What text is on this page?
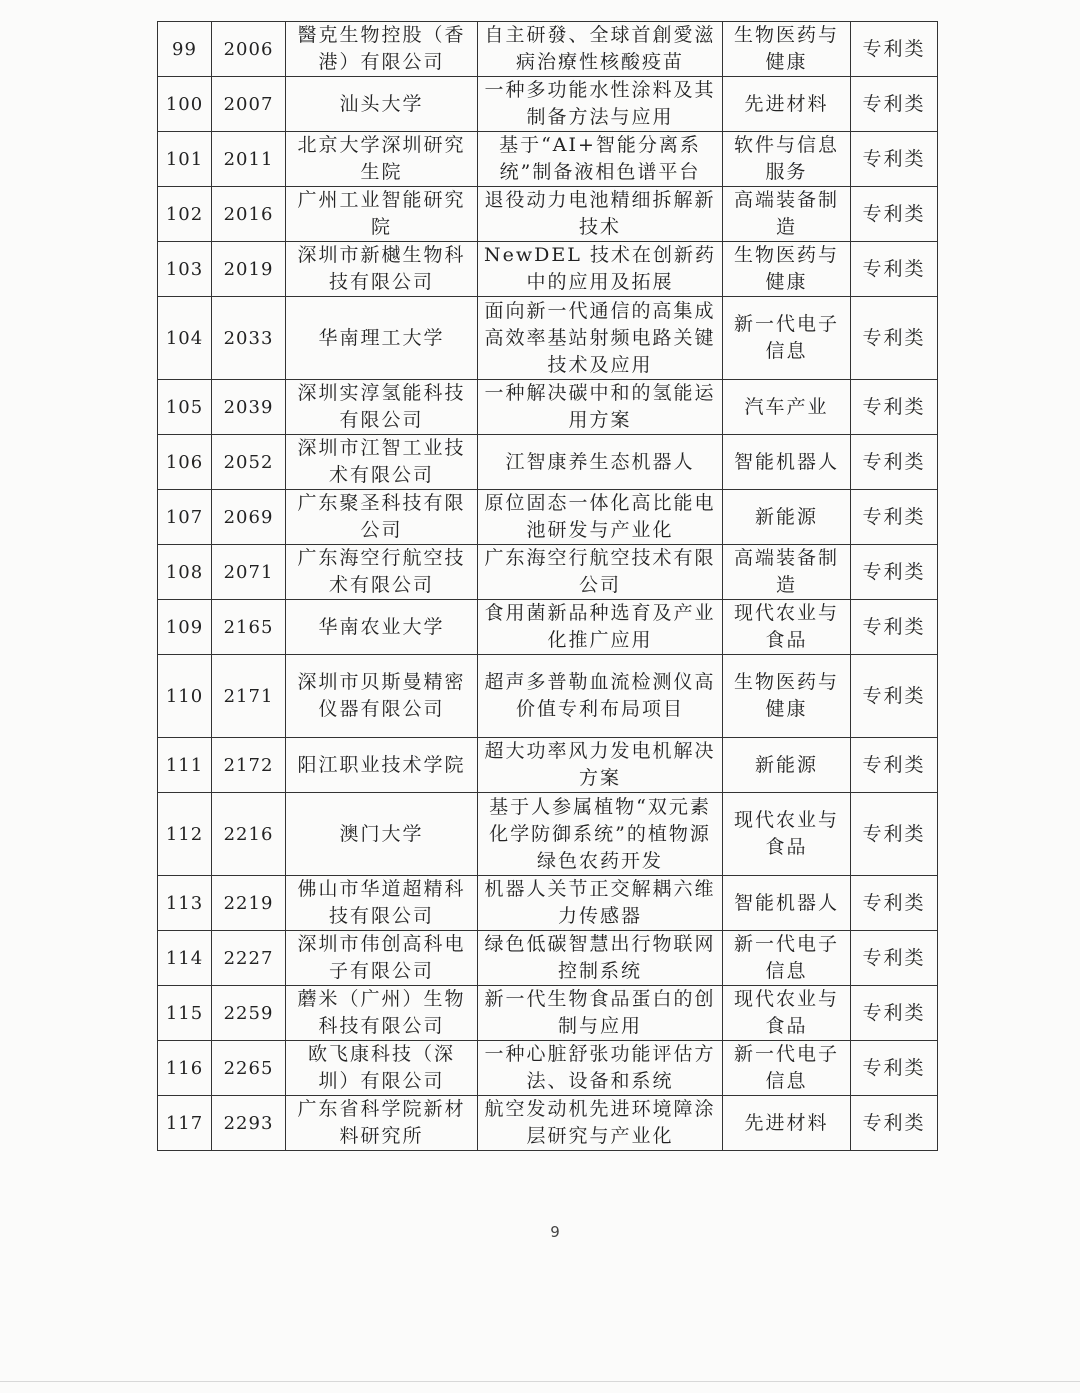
99	2006	醫克生物控股（香港）有限公司	自主研發、全球首創愛滋病治療性核酸疫苗	生物医药与健康	专利类
100	2007	汕头大学	一种多功能水性涂料及其制备方法与应用	先进材料	专利类
101	2011	北京大学深圳研究生院	基于“AI+智能分离系统”制备液相色谱平台	软件与信息服务	专利类
102	2016	广州工业智能研究院	退役动力电池精细拆解新技术	高端装备制造	专利类
103	2019	深圳市新樾生物科技有限公司	NewDEL 技术在创新药中的应用及拓展	生物医药与健康	专利类
104	2033	华南理工大学	面向新一代通信的高集成高效率基站射频电路关键技术及应用	新一代电子信息	专利类
105	2039	深圳实淳氢能科技有限公司	一种解决碳中和的氢能运用方案	汽车产业	专利类
106	2052	深圳市江智工业技术有限公司	江智康养生态机器人	智能机器人	专利类
107	2069	广东聚圣科技有限公司	原位固态一体化高比能电池研发与产业化	新能源	专利类
108	2071	广东海空行航空技术有限公司	广东海空行航空技术有限公司	高端装备制造	专利类
109	2165	华南农业大学	食用菌新品种选育及产业化推广应用	现代农业与食品	专利类
110	2171	深圳市贝斯曼精密仪器有限公司	超声多普勒血流检测仪高价值专利布局项目	生物医药与健康	专利类
111	2172	阳江职业技术学院	超大功率风力发电机解决方案	新能源	专利类
112	2216	澳门大学	基于人参属植物“双元素化学防御系统”的植物源绿色农药开发	现代农业与食品	专利类
113	2219	佛山市华道超精科技有限公司	机器人关节正交解耦六维力传感器	智能机器人	专利类
114	2227	深圳市伟创高科电子有限公司	绿色低碳智慧出行物联网控制系统	新一代电子信息	专利类
115	2259	蘑米（广州）生物科技有限公司	新一代生物食品蛋白的创制与应用	现代农业与食品	专利类
116	2265	欧飞康科技（深圳）有限公司	一种心脏舒张功能评估方法、设备和系统	新一代电子信息	专利类
117	2293	广东省科学院新材料研究所	航空发动机先进环境障涂层研究与产业化	先进材料	专利类
9
